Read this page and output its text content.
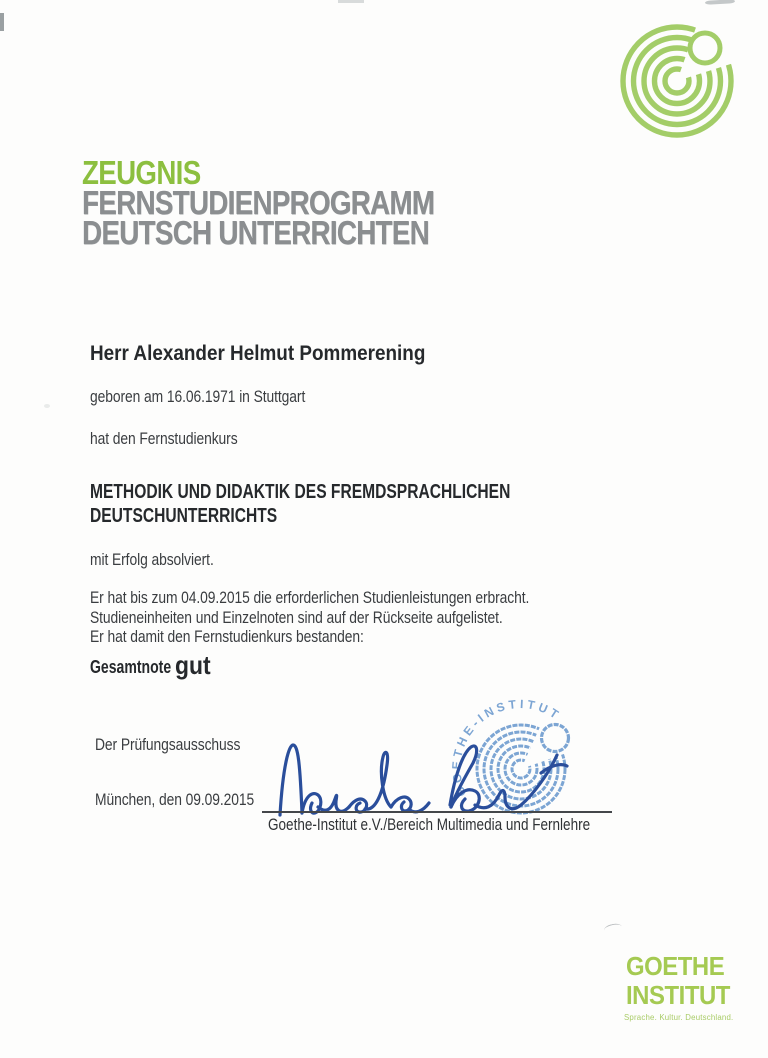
ZEUGNIS
FERNSTUDIENPROGRAMM
DEUTSCH UNTERRICHTEN
Herr Alexander Helmut Pommerening
geboren am 16.06.1971 in Stuttgart
hat den Fernstudienkurs
METHODIK UND DIDAKTIK DES FREMDSPRACHLICHEN
DEUTSCHUNTERRICHTS
mit Erfolg absolviert.
Er hat bis zum 04.09.2015 die erforderlichen Studienleistungen erbracht.
Studieneinheiten und Einzelnoten sind auf der Rückseite aufgelistet.
Er hat damit den Fernstudienkurs bestanden:
Gesamtnote gut
Der Prüfungsausschuss
München, den 09.09.2015
GOETHE-INSTITUT
Goethe-Institut e.V./Bereich Multimedia und Fernlehre
GOETHE
INSTITUT
Sprache. Kultur. Deutschland.
